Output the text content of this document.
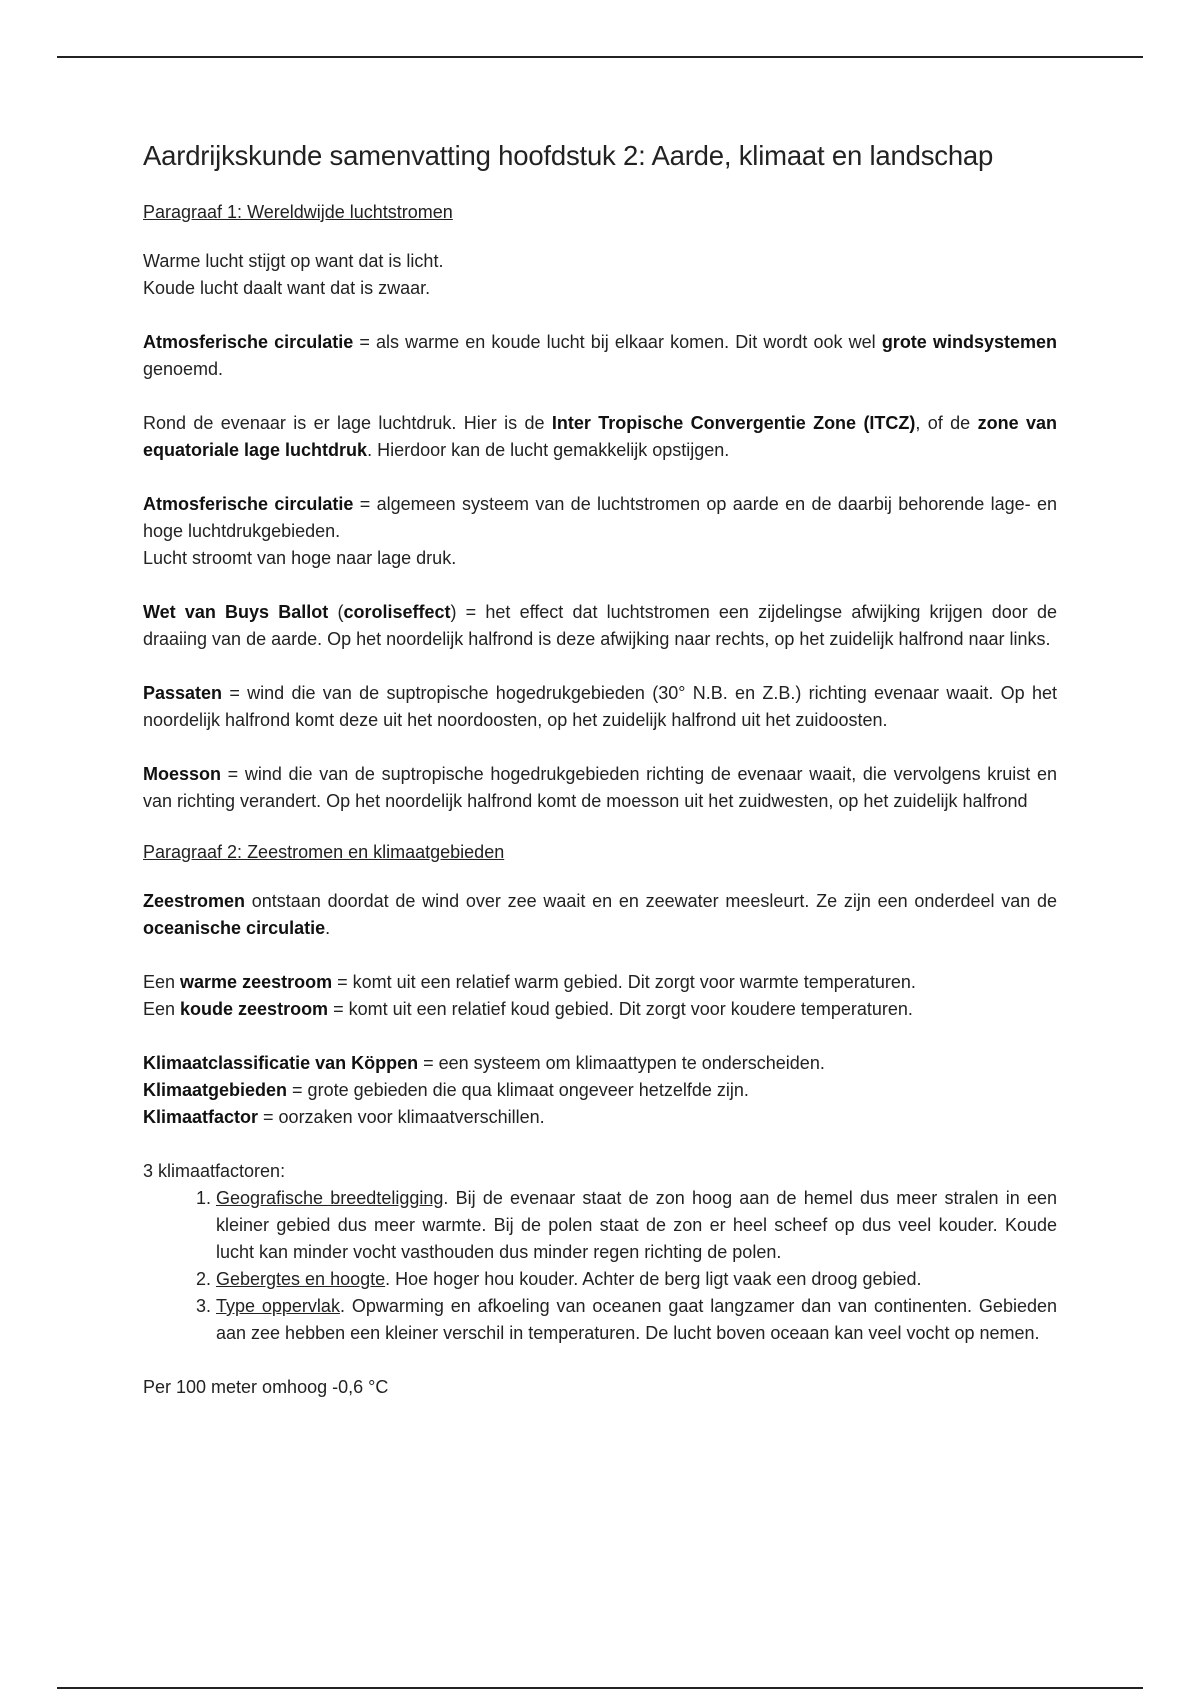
Aardrijkskunde samenvatting hoofdstuk 2: Aarde, klimaat en landschap
Paragraaf 1: Wereldwijde luchtstromen

Warme lucht stijgt op want dat is licht.
Koude lucht daalt want dat is zwaar.

Atmosferische circulatie = als warme en koude lucht bij elkaar komen. Dit wordt ook wel grote windsystemen genoemd.

Rond de evenaar is er lage luchtdruk. Hier is de Inter Tropische Convergentie Zone (ITCZ), of de zone van equatoriale lage luchtdruk. Hierdoor kan de lucht gemakkelijk opstijgen.

Atmosferische circulatie = algemeen systeem van de luchtstromen op aarde en de daarbij behorende lage- en hoge luchtdrukgebieden.
Lucht stroomt van hoge naar lage druk.

Wet van Buys Ballot (coroliseffect) = het effect dat luchtstromen een zijdelingse afwijking krijgen door de draaiing van de aarde. Op het noordelijk halfrond is deze afwijking naar rechts, op het zuidelijk halfrond naar links.

Passaten = wind die van de suptropische hogedrukgebieden (30° N.B. en Z.B.) richting evenaar waait. Op het noordelijk halfrond komt deze uit het noordoosten, op het zuidelijk halfrond uit het zuidoosten.

Moesson = wind die van de suptropische hogedrukgebieden richting de evenaar waait, die vervolgens kruist en van richting verandert. Op het noordelijk halfrond komt de moesson uit het zuidwesten, op het zuidelijk halfrond

Paragraaf 2: Zeestromen en klimaatgebieden

Zeestromen ontstaan doordat de wind over zee waait en en zeewater meesleurt. Ze zijn een onderdeel van de oceanische circulatie.

Een warme zeestroom = komt uit een relatief warm gebied. Dit zorgt voor warmte temperaturen.
Een koude zeestroom = komt uit een relatief koud gebied. Dit zorgt voor koudere temperaturen.

Klimaatclassificatie van Köppen = een systeem om klimaattypen te onderscheiden.
Klimaatgebieden = grote gebieden die qua klimaat ongeveer hetzelfde zijn.
Klimaatfactor = oorzaken voor klimaatverschillen.

3 klimaatfactoren:
1. Geografische breedteligging. Bij de evenaar staat de zon hoog aan de hemel dus meer stralen in een kleiner gebied dus meer warmte. Bij de polen staat de zon er heel scheef op dus veel kouder. Koude lucht kan minder vocht vasthouden dus minder regen richting de polen.
2. Gebergtes en hoogte. Hoe hoger hou kouder. Achter de berg ligt vaak een droog gebied.
3. Type oppervlak. Opwarming en afkoeling van oceanen gaat langzamer dan van continenten. Gebieden aan zee hebben een kleiner verschil in temperaturen. De lucht boven oceaan kan veel vocht op nemen.

Per 100 meter omhoog -0,6 °C
